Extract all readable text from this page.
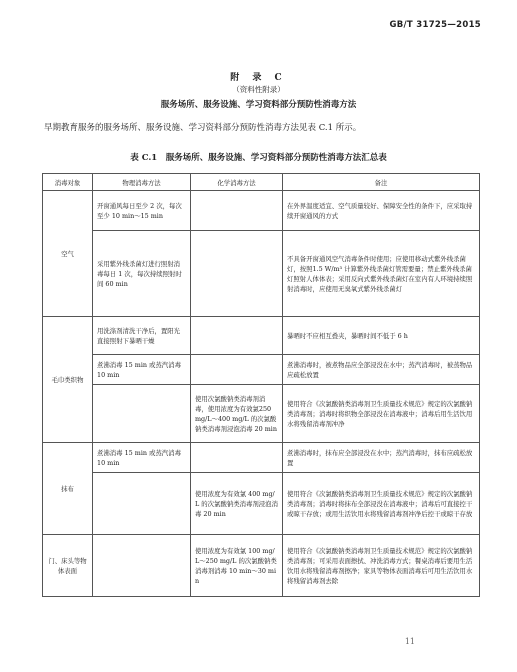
GB/T 31725—2015
附 录 C
（资料性附录）
服务场所、服务设施、学习资料部分预防性消毒方法
早期教育服务的服务场所、服务设施、学习资料部分预防性消毒方法见表 C.1 所示。
表 C.1　服务场所、服务设施、学习资料部分预防性消毒方法汇总表
消毒对象	物理消毒方法	化学消毒方法	备注
空气	开窗通风每日至少 2 次，每次至少 10 min～15 min		在外界温度适宜、空气质量较好、保障安全性的条件下，应采取持续开窗通风的方式
	采用紫外线杀菌灯进行照射消毒每日 1 次，每次持续照射时间 60 min		不具备开窗通风空气消毒条件时使用；应使用移动式紫外线杀菌灯，按照1.5 W/m³ 计算紫外线杀菌灯管需要量；禁止紫外线杀菌灯照射人体体表；采用反向式紫外线杀菌灯在室内有人环境持续照射消毒时，应使用无臭氧式紫外线杀菌灯
毛巾类织物	用洗涤剂清洗干净后，置阳光直接照射下暴晒干燥		暴晒时不应相互叠夹，暴晒时间不低于 6 h
	煮沸消毒 15 min 或蒸汽消毒 10 min		煮沸消毒时，被煮物品应全部浸没在水中；蒸汽消毒时，被蒸物品应疏松放置
		使用次氯酸钠类消毒剂消毒，使用浓度为有效氯250 mg/L～400 mg/L 的次氯酸钠类消毒剂浸泡消毒 20 min	使用符合《次氯酸钠类消毒剂卫生质量技术规范》规定的次氯酸钠类消毒剂；消毒时将织物全部浸没在消毒液中；消毒后用生活饮用水将残留消毒剂冲净
抹布	煮沸消毒 15 min 或蒸汽消毒 10 min		煮沸消毒时，抹布应全部浸没在水中；蒸汽消毒时，抹布应疏松放置
		使用浓度为有效氯 400 mg/L 的次氯酸钠类消毒剂浸泡消毒 20 min	使用符合《次氯酸钠类消毒剂卫生质量技术规范》规定的次氯酸钠类消毒剂；消毒时将抹布全部浸没在消毒液中；消毒后可直接控干或晾干存放；或用生活饮用水将残留消毒剂冲净后控干或晾干存放
门、床头等物体表面		使用浓度为有效氯 100 mg/L～250 mg/L 的次氯酸钠类消毒剂消毒 10 min～30 min	使用符合《次氯酸钠类消毒剂卫生质量技术规范》规定的次氯酸钠类消毒剂；可采用表面擦拭、冲洗消毒方式；餐桌消毒后要用生活饮用水将残留消毒剂擦净；家具等物体表面消毒后可用生活饮用水将残留消毒剂去除
11
